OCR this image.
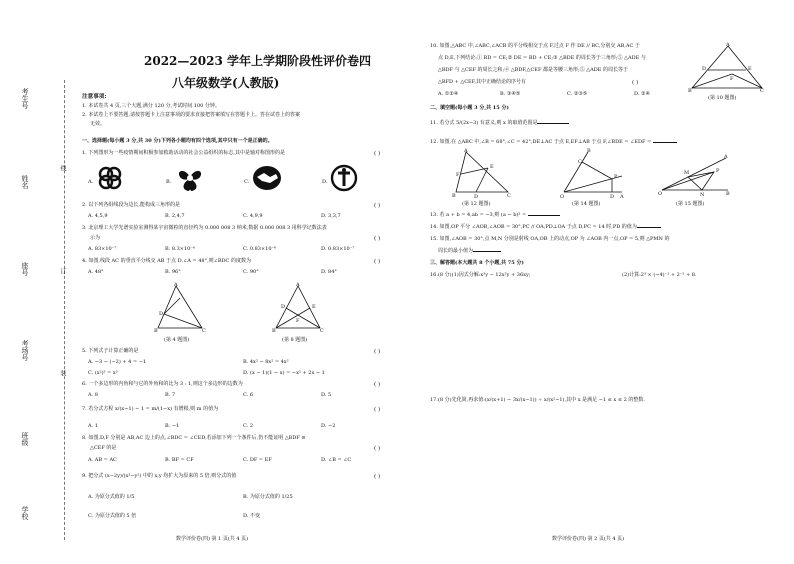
考生号
姓名
座号
考场号
班级
学校
线
订
装
2022—2023 学年上学期阶段性评价卷四
八年级数学(人教版)
注意事项:
1. 本试卷共 4 页,三个大题,满分 120 分,考试时间 100 分钟。
2. 本试卷上不要答题,请按答题卡上注意事项的要求直接把答案填写在答题卡上。答在试卷上的答案
无效。
一、选择题(每小题 3 分,共 30 分)下列各小题均有四个选项,其中只有一个是正确的。
1. 下列图形为一些疫情期间积极参加救助活动的社会公益组织的标志,其中是轴对称图形的是	( )
A.	B.	C.	D.
2. 以下列各组线段为边长,能构成三角形的是	( )
A. 4,5,9	B. 2,4,7	C. 4,9,9	D. 3,3,7
3. 北京理工大学光谱实验室测得某宇宙微粒的直径约为 0.000 008 3 纳米,数据 0.000 008 3 用科学记数法表
示为	( )
A. 83×10⁻⁷	B. 8.3×10⁻⁶	C. 0.83×10⁻⁶	D. 0.83×10⁻⁷
4. 如图,线段 AC 的垂直平分线交 AB 于点 D,∠A = 48°,则∠BDC 的度数为	( )
A. 48°	B. 96°	C. 90°	D. 84°
A
B	C
D
(第 4 题图)
A
B	C
D	E
F
(第 8 题图)
5. 下列式子计算正确的是	( )
A. −3 − (−2) + 4 = −1	B. 4x² − 8x² = 4x²
C. (x²)³ = x⁵	D. (x − 1)(1 − x) = −x² + 2x − 1
6. 一个多边形的内角和与它的外角和的比为 3 : 1,则这个多边形的边数为	( )
A. 8	B. 7	C. 6	D. 5
7. 若分式方程 x/(x−1) − 1 = m/(1−x) 有增根,则 m 的值为	( )
A. 1	B. −1	C. 2	D. −2
8. 如图,D,F 分别是 AB,AC 边上的点,∠BDC = ∠CED,若添加下列一个条件后,仍不能证明 △BDF ≌
△CEF 的是	( )
A. AB = AC	B. BF = CF	C. DF = EF	D. ∠B = ∠C
9. 把分式 (x−2y)/(x²−y²) 中的 x,y 均扩大为原来的 5 倍,则分式的值	( )
A. 为原分式值的 1/5	B. 为原分式值的 1/25
C. 为原分式值的 5 倍	D. 不变
数学评价卷(四) 第 1 页(共 4 页)
10. 如图,△ABC 中,∠ABC,∠ACB 的平分线相交于点 F,过点 F 作 DE // BC,分别交 AB,AC 于
点 D,E,下列结论:① BD = CE;② DE = BD + CE;③ △BDE 的周长等于三角形;⑤ △ADE 与
△BDF 与 △CEF 的周长之和;④ △BDF,△CEF 都是等腰三角形;⑤ △ADE 的周长等于
△BFD + △CEF,其中正确结论的序号有	( )
A. ①②④	B. ③④⑤	C. ②③⑤	D. ②④
A
B	C
D	E
F
(第 10 题图)
二、填空题(每小题 3 分,共 15 分)
11. 若分式 5/(2x−3) 有意义,则 x 的取值范围是
12. 如图,在 △ABC 中,∠B = 68°,∠C = 42°,DE⊥AC 于点 E,EF⊥AB 于点 F,∠BDE = ∠EDF =
A
B	C
D
E
F
(第 12 题图)
B
O	A
P
D
C
(第 14 题图)
A
O	B
P
M
N
(第 15 题图)
13. 若 a + b = 4,ab = −3,则 (a − b)² =
14. 如图,OP 平分 ∠AOB,∠AOB = 30°,PC // OA,PD⊥OA 于点 D,PC = 14 时,PD 的值为
15. 如图,∠AOB = 30°,点 M,N 分别是射线 OA,OB 上的动点,OP 为 ∠AOB 内一点,OP = 5,则 △PMN 的
周长的最小值为
三、解答题(本大题共 8 个小题,共 75 分)
16.(8 分)(1)因式分解:x³y − 12x²y + 36xy;	(2)计算:2³ × (−4)⁻¹ + 2⁻² + 8.
17.(8 分)先化简,再求值:(x/(x+1) − 3x/(x−1)) ÷ x/(x²−1),其中 x 是满足 −1 ≤ x ≤ 2 的整数.
数学评价卷(四) 第 2 页(共 4 页)
